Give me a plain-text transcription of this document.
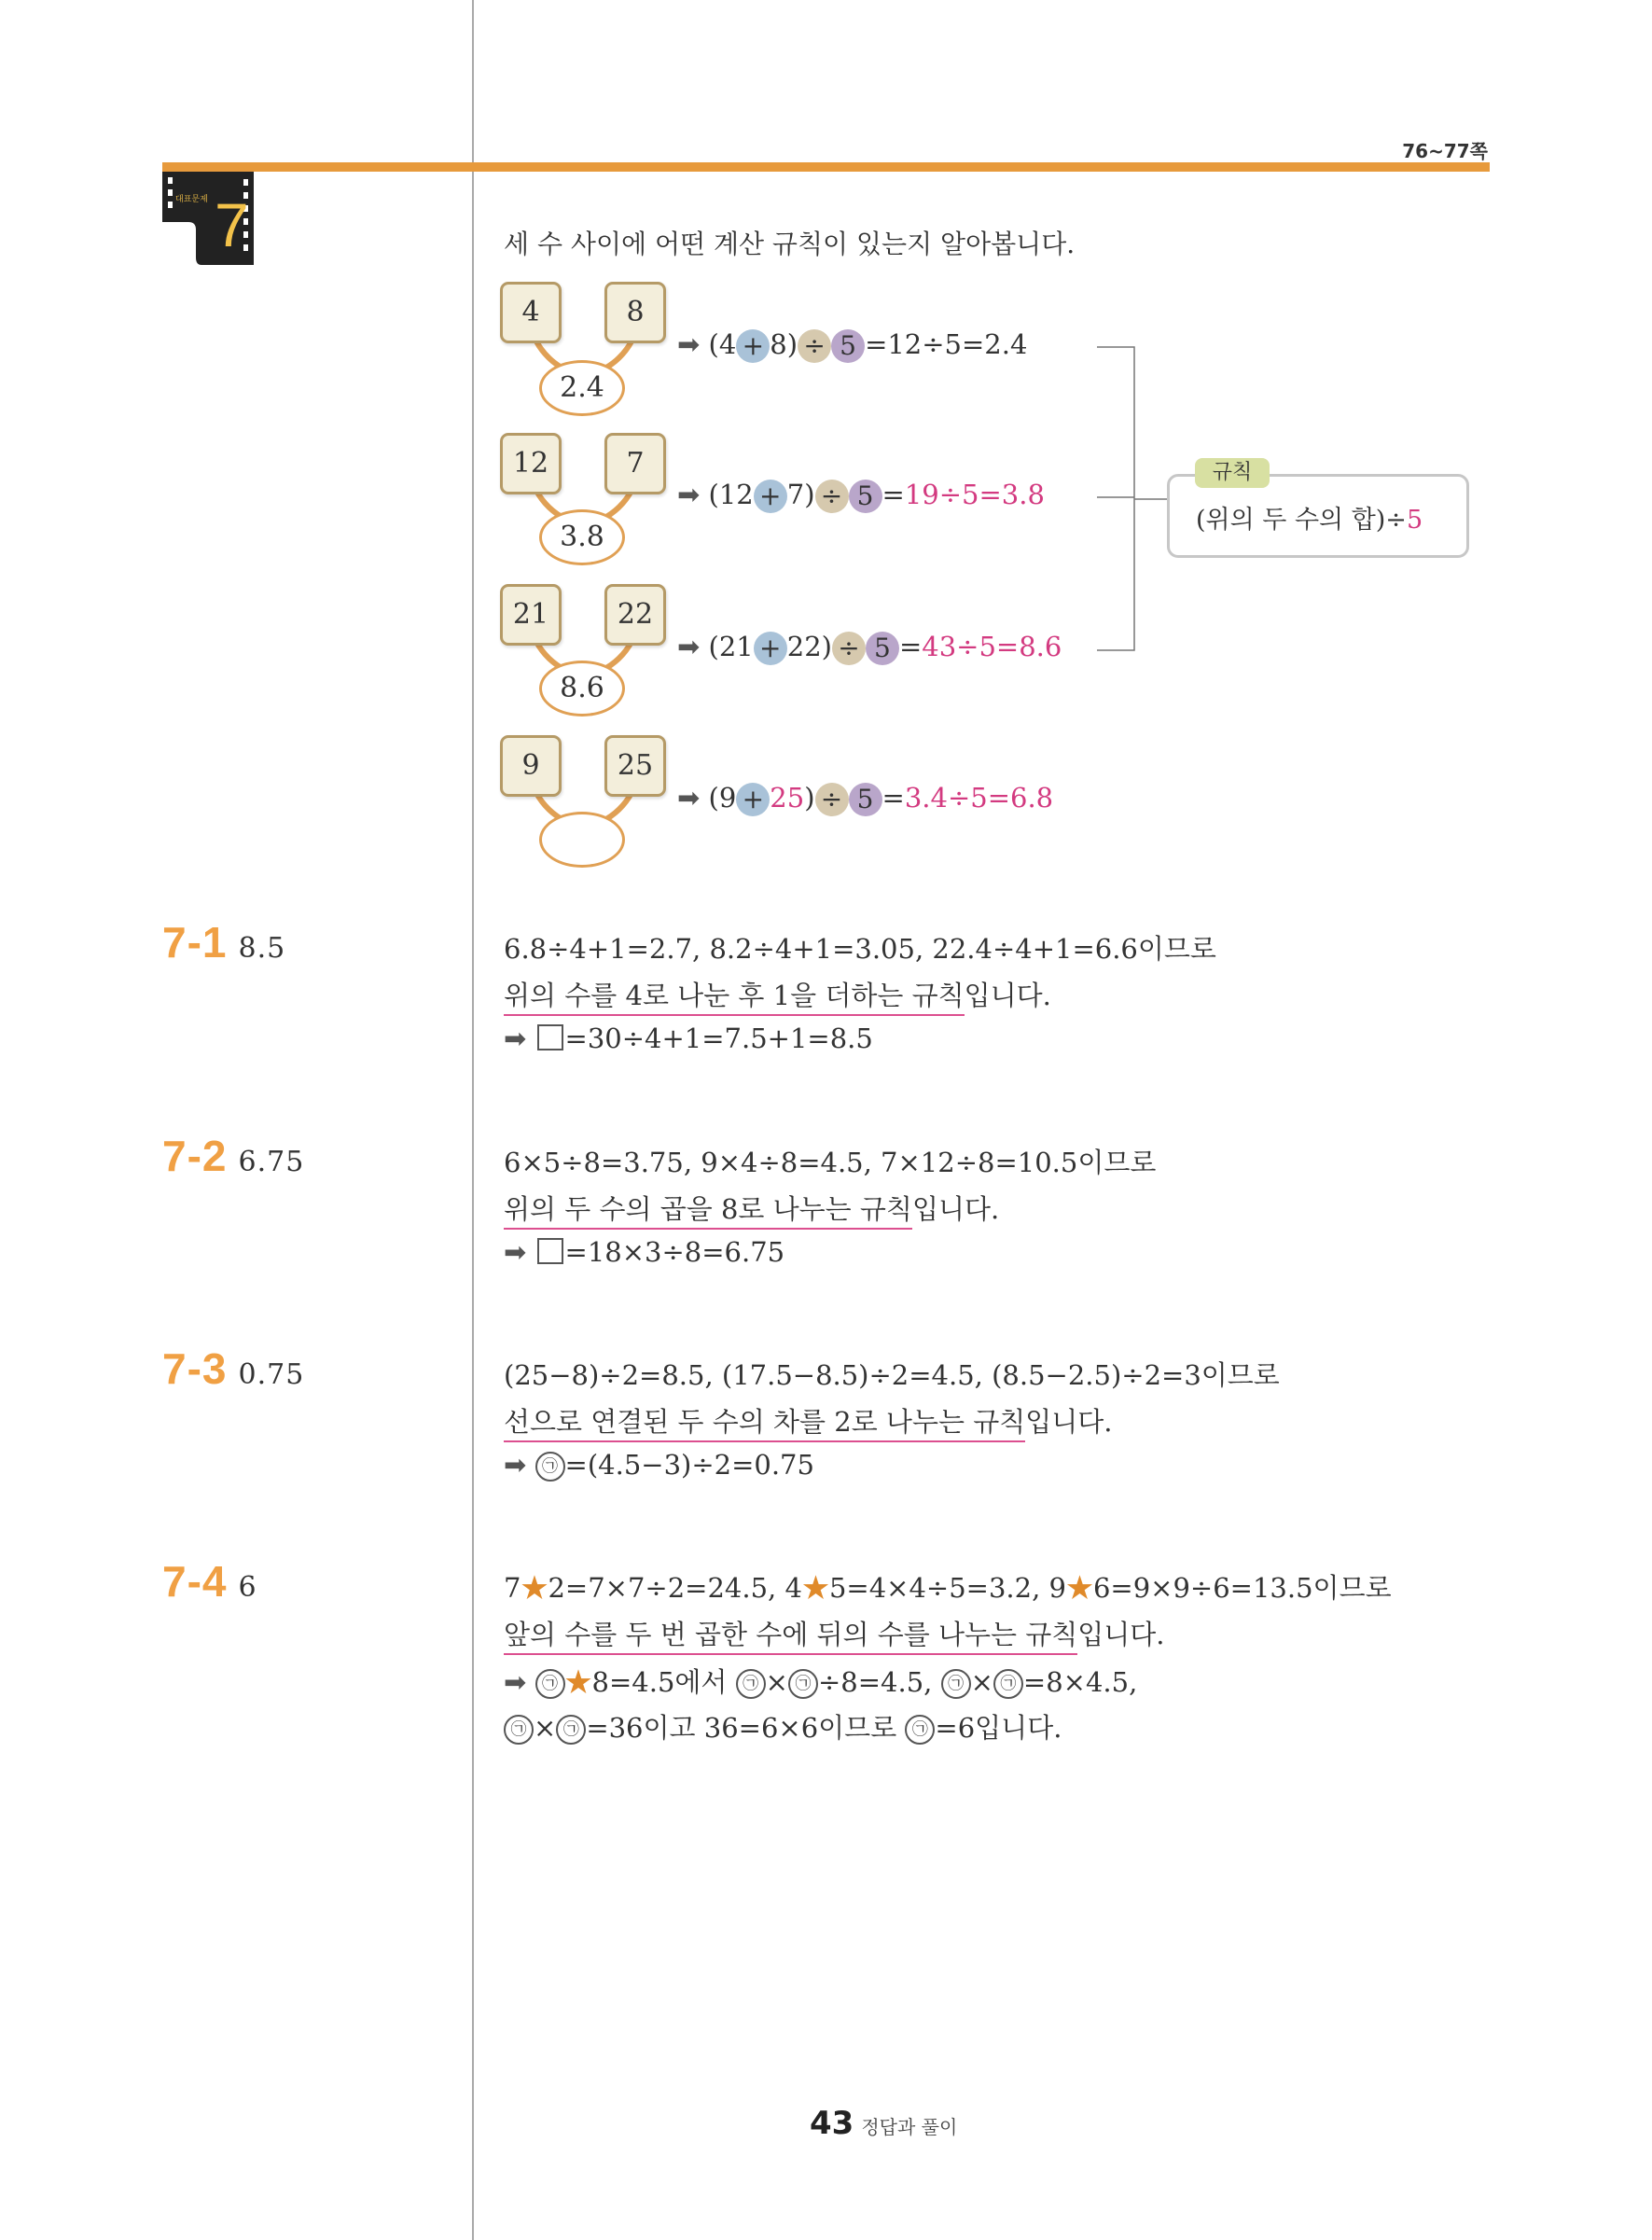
76~77쪽
대표문제 7	세 수 사이에 어떤 계산 규칙이 있는지 알아봅니다.
4	8
2.4
➡ (4 + 8) ÷ 5 =12÷5=2.4
12	7
3.8
➡ (12 + 7) ÷ 5 =19÷5=3.8
21	22
8.6
➡ (21 + 22) ÷ 5 =43÷5=8.6
9	25
➡ (9 + 25) ÷ 5 =3.4÷5=6.8
(위의 두 수의 합)÷5
규칙
7-1 8.5	6.8÷4+1=2.7, 8.2÷4+1=3.05, 22.4÷4+1=6.6이므로
위의 수를 4로 나눈 후 1을 더하는 규칙입니다.
➡ =30÷4+1=7.5+1=8.5
7-2 6.75	6×5÷8=3.75, 9×4÷8=4.5, 7×12÷8=10.5이므로
위의 두 수의 곱을 8로 나누는 규칙입니다.
➡ =18×3÷8=6.75
7-3 0.75	(25−8)÷2=8.5, (17.5−8.5)÷2=4.5, (8.5−2.5)÷2=3이므로
선으로 연결된 두 수의 차를 2로 나누는 규칙입니다.
➡ ㉠ =(4.5−3)÷2=0.75
7-4 6	7★2=7×7÷2=24.5, 4★5=4×4÷5=3.2, 9★6=9×9÷6=13.5이므로
앞의 수를 두 번 곱한 수에 뒤의 수를 나누는 규칙입니다.
➡ ㉠ ★8=4.5에서 ㉠ × ㉠ ÷8=4.5, ㉠ × ㉠ =8×4.5,
㉠ × ㉠ =36이고 36=6×6이므로 ㉠ =6입니다.
43 정답과 풀이
